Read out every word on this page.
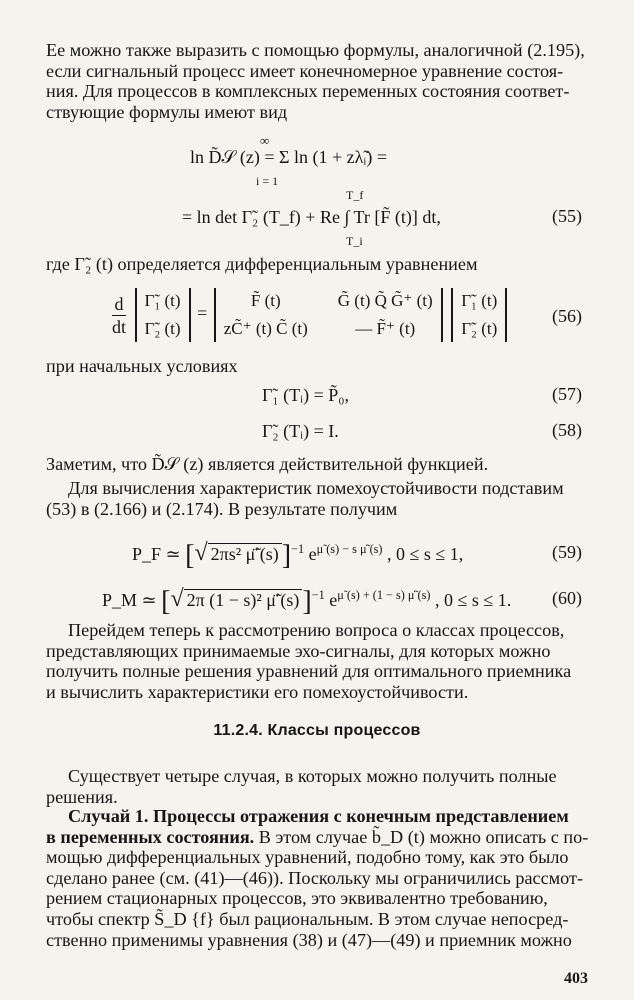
Ее можно также выразить с помощью формулы, аналогичной (2.195),
если сигнальный процесс имеет конечномерное уравнение состоя-
ния. Для процессов в комплексных переменных состояния соответ-
ствующие формулы имеют вид
∞
ln D̃𝒮 (z) = Σ ln (1 + zλ̃ᵢ) =
i = 1
T_f
= ln det Γ̃₂ (T_f) + Re ∫ Tr [F̃ (t)] dt,
T_i
(55)
где Γ̃₂ (t) определяется дифференциальным уравнением
$\frac{d}{dt}$
Γ̃₁ (t)
Γ̃₂ (t)
=
F̃ (t)	G̃ (t) Q̃ G̃⁺ (t)
zC̃⁺ (t) C̃ (t)	— F̃⁺ (t)

Γ̃₁ (t)
Γ̃₂ (t)
(56)
при начальных условиях
Γ̃₁ (Tᵢ) = P̃₀,	(57)
Γ̃₂ (Tᵢ) = I.	(58)
Заметим, что D̃𝒮 (z) является действительной функцией.
Для вычисления характеристик помехоустойчивости подставим
(53) в (2.166) и (2.174). В результате получим
P_F ≃ [√ 2πs² μ̈̃ (s) ]$^{-1}$ $e^{\mũ (s) - s \mu̇̃ (s)}$ , 0 ≤ s ≤ 1,	(59)
P_M ≃ [√ 2π (1 − s)² μ̈̃ (s) ]$^{-1}$ $e^{\mũ (s) + (1 - s) \mu̇̃ (s)}$ , 0 ≤ s ≤ 1. (60)
Перейдем теперь к рассмотрению вопроса о классах процессов,
представляющих принимаемые эхо-сигналы, для которых можно
получить полные решения уравнений для оптимального приемника
и вычислить характеристики его помехоустойчивости.
11.2.4. Классы процессов
Существует четыре случая, в которых можно получить полные
решения.
Случай 1. Процессы отражения с конечным представлением
в переменных состояния. В этом случае b̃_D (t) можно описать с по-
мощью дифференциальных уравнений, подобно тому, как это было
сделано ранее (см. (41)—(46)). Поскольку мы ограничились рассмот-
рением стационарных процессов, это эквивалентно требованию,
чтобы спектр S̃_D {f} был рациональным. В этом случае непосред-
ственно применимы уравнения (38) и (47)—(49) и приемник можно
403
